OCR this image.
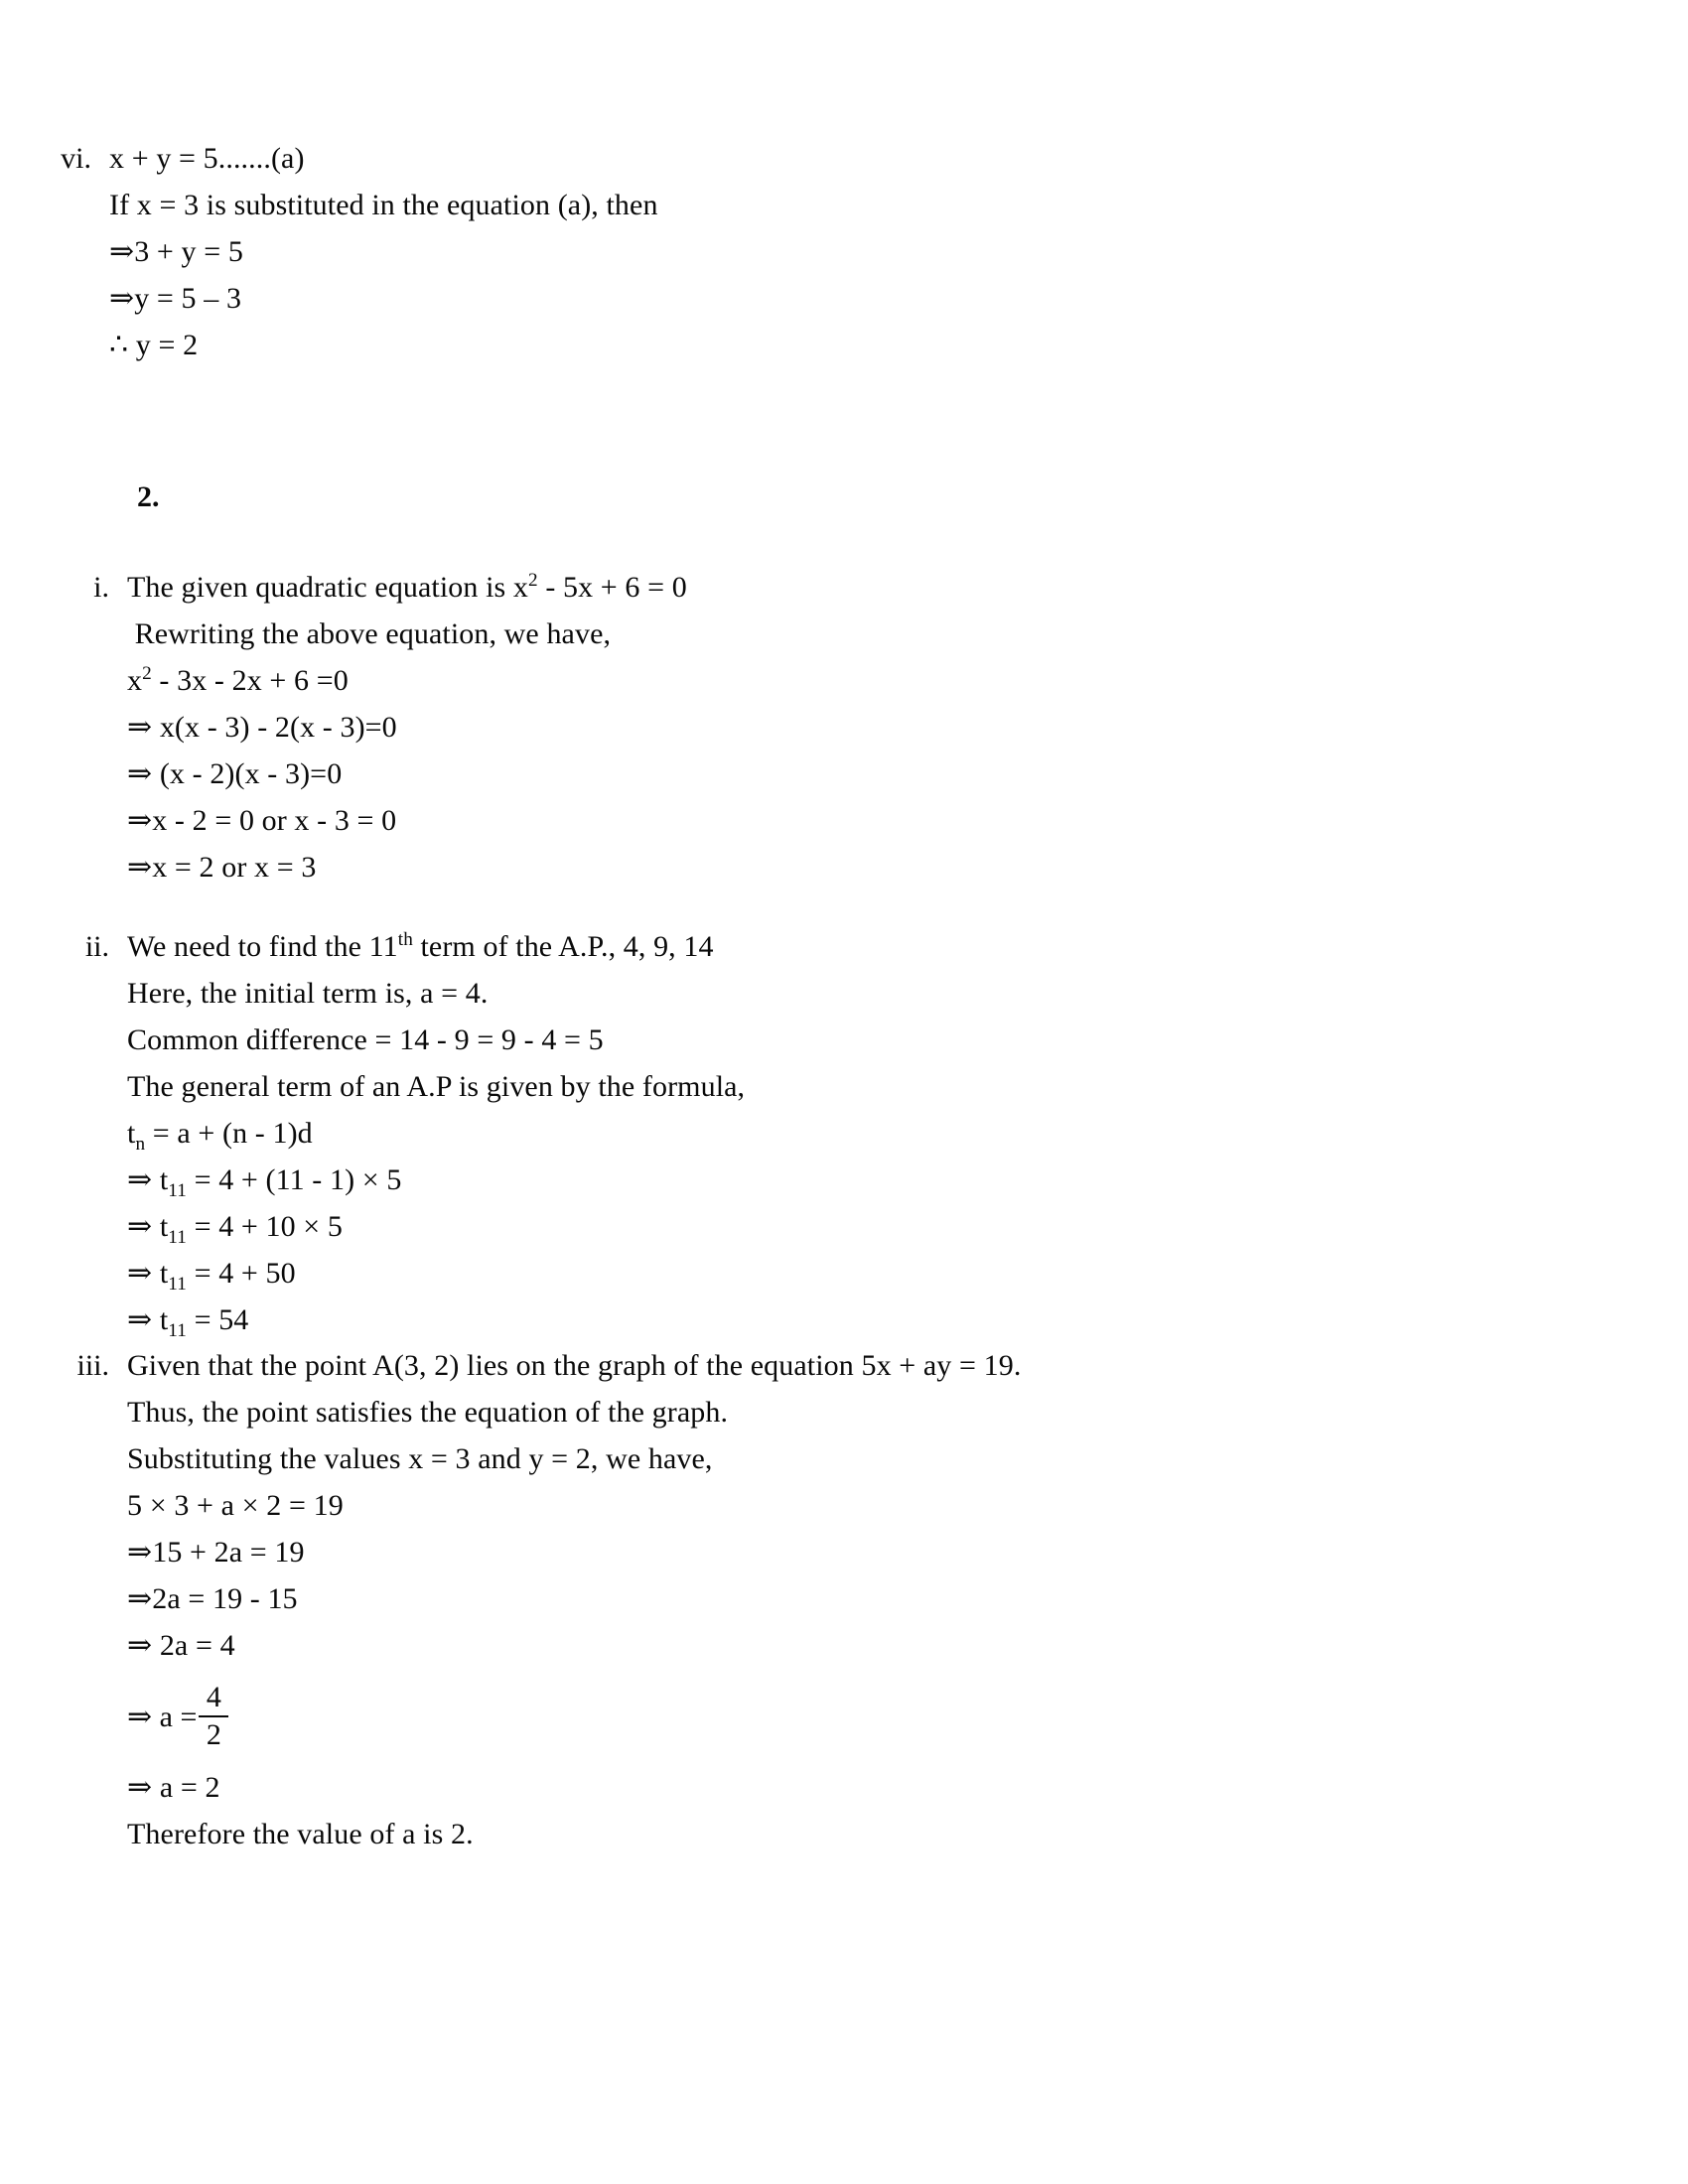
vi. x + y = 5.......(a)
If x = 3 is substituted in the equation (a), then
⇒3 + y = 5
⇒y = 5 – 3
∴ y = 2
2.
i. The given quadratic equation is $x^2 - 5x + 6 = 0$
Rewriting the above equation, we have,
$x^2 - 3x - 2x + 6 =0$
⇒ x(x - 3) - 2(x - 3)=0
⇒ (x - 2)(x - 3)=0
⇒x - 2 = 0 or x - 3 = 0
⇒x = 2 or x = 3
ii. We need to find the 11th term of the A.P., 4, 9, 14
Here, the initial term is, a = 4.
Common difference = 14 - 9 = 9 - 4 = 5
The general term of an A.P is given by the formula,
$t_n = a + (n - 1)d$
⇒ $t_{11} = 4 + (11 - 1) \times 5$
⇒ $t_{11} = 4 + 10 \times 5$
⇒ $t_{11} = 4 + 50$
⇒ $t_{11} = 54$
iii. Given that the point A(3, 2) lies on the graph of the equation 5x + ay = 19.
Thus, the point satisfies the equation of the graph.
Substituting the values x = 3 and y = 2, we have,
5 × 3 + a × 2 = 19
⇒15 + 2a = 19
⇒2a = 19 - 15
⇒ 2a = 4
⇒ $a = \frac{4}{2}$
⇒ a = 2
Therefore the value of a is 2.
